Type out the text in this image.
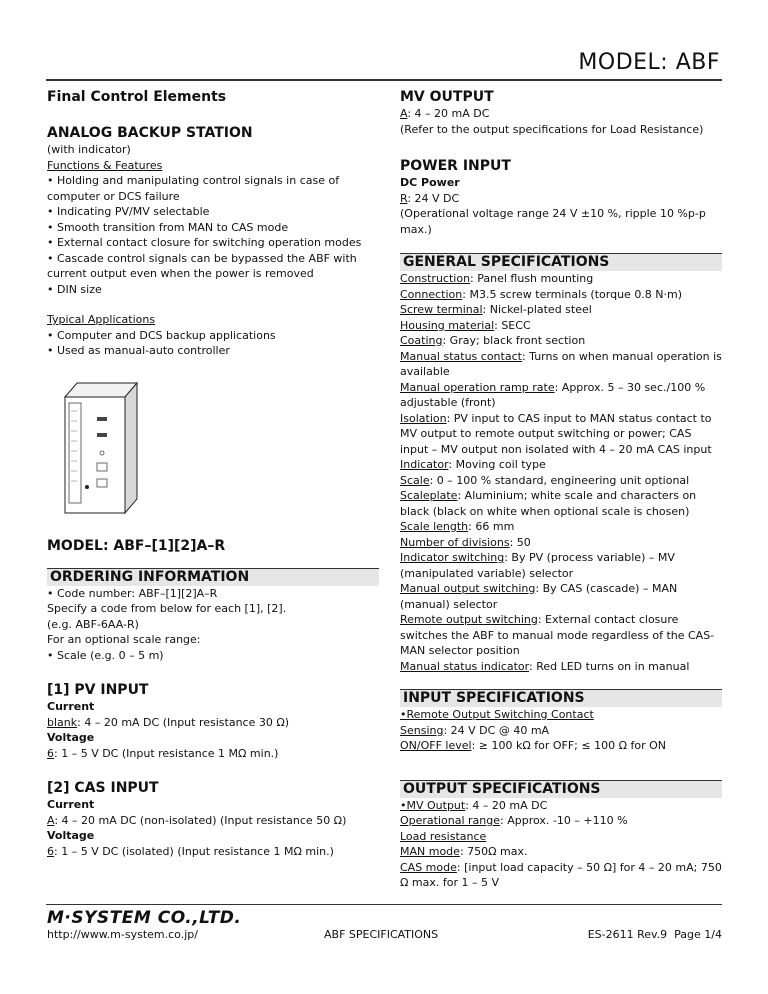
MODEL: ABF
Final Control Elements
ANALOG BACKUP STATION

(with indicator)

Functions & Features

• Holding and manipulating control signals in case of

computer or DCS failure

• Indicating PV/MV selectable

• Smooth transition from MAN to CAS mode

• External contact closure for switching operation modes

• Cascade control signals can be bypassed the ABF with

current output even when the power is removed

• DIN size

Typical Applications

• Computer and DCS backup applications

• Used as manual-auto controller

MODEL: ABF–[1][2]A–R
ORDERING INFORMATION

• Code number: ABF–[1][2]A–R

Specify a code from below for each [1], [2].

(e.g. ABF-6AA-R)

For an optional scale range:

• Scale (e.g. 0 – 5 m)

[1] PV INPUT
Current

blank: 4 – 20 mA DC (Input resistance 30 Ω)

Voltage

6: 1 – 5 V DC (Input resistance 1 MΩ min.)

[2] CAS INPUT
Current

A: 4 – 20 mA DC (non-isolated) (Input resistance 50 Ω)

Voltage

6: 1 – 5 V DC (isolated) (Input resistance 1 MΩ min.)

MV OUTPUT

A: 4 – 20 mA DC

(Refer to the output specifications for Load Resistance)

POWER INPUT
DC Power

R: 24 V DC

(Operational voltage range 24 V ±10 %, ripple 10 %p-p max.)

GENERAL SPECIFICATIONS

Construction: Panel flush mounting

Connection: M3.5 screw terminals (torque 0.8 N·m)

Screw terminal: Nickel-plated steel

Housing material: SECC

Coating: Gray; black front section

Manual status contact: Turns on when manual operation is available

Manual operation ramp rate: Approx. 5 – 30 sec./100 % adjustable (front)

Isolation: PV input to CAS input to MAN status contact to MV output to remote output switching or power; CAS input – MV output non isolated with 4 – 20 mA CAS input

Indicator: Moving coil type

Scale: 0 – 100 % standard, engineering unit optional

Scaleplate: Aluminium; white scale and characters on black (black on white when optional scale is chosen)

Scale length: 66 mm

Number of divisions: 50

Indicator switching: By PV (process variable) – MV (manipulated variable) selector

Manual output switching: By CAS (cascade) – MAN (manual) selector

Remote output switching: External contact closure switches the ABF to manual mode regardless of the CAS-MAN selector position

Manual status indicator: Red LED turns on in manual

INPUT SPECIFICATIONS

•Remote Output Switching Contact

Sensing: 24 V DC @ 40 mA

ON/OFF level: ≥ 100 kΩ for OFF; ≤ 100 Ω for ON

OUTPUT SPECIFICATIONS

•MV Output: 4 – 20 mA DC

Operational range: Approx. -10 – +110 %

Load resistance

MAN mode: 750Ω max.

CAS mode: [input load capacity – 50 Ω] for 4 – 20 mA; 750 Ω max. for 1 – 5 V

M·SYSTEM CO.,LTD.
http://www.m-system.co.jp/	ABF SPECIFICATIONS	ES-2611 Rev.9 Page 1/4
